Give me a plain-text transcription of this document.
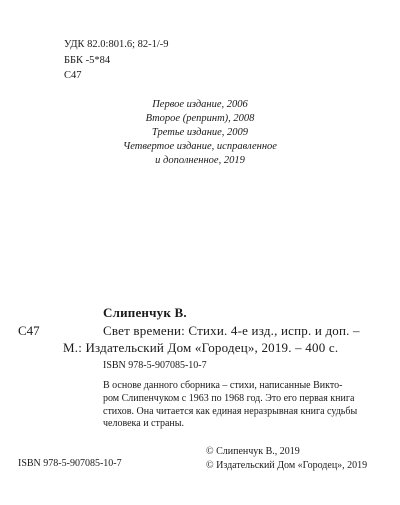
УДК 82.0:801.6; 82-1/-9
ББК -5*84
С47
Первое издание, 2006
Второе (репринт), 2008
Третье издание, 2009
Четвертое издание, исправленное
и дополненное, 2019
Слипенчук В.
С47	Свет времени: Стихи. 4-е изд., испр. и доп. –
М.: Издательский Дом «Городец», 2019. – 400 с.
ISBN 978-5-907085-10-7
В основе данного сборника – стихи, написанные Викто-
ром Слипенчуком с 1963 по 1968 год. Это его первая книга
стихов. Она читается как единая неразрывная книга судьбы
человека и страны.
© Слипенчук В., 2019
© Издательский Дом «Городец», 2019
ISBN 978-5-907085-10-7
